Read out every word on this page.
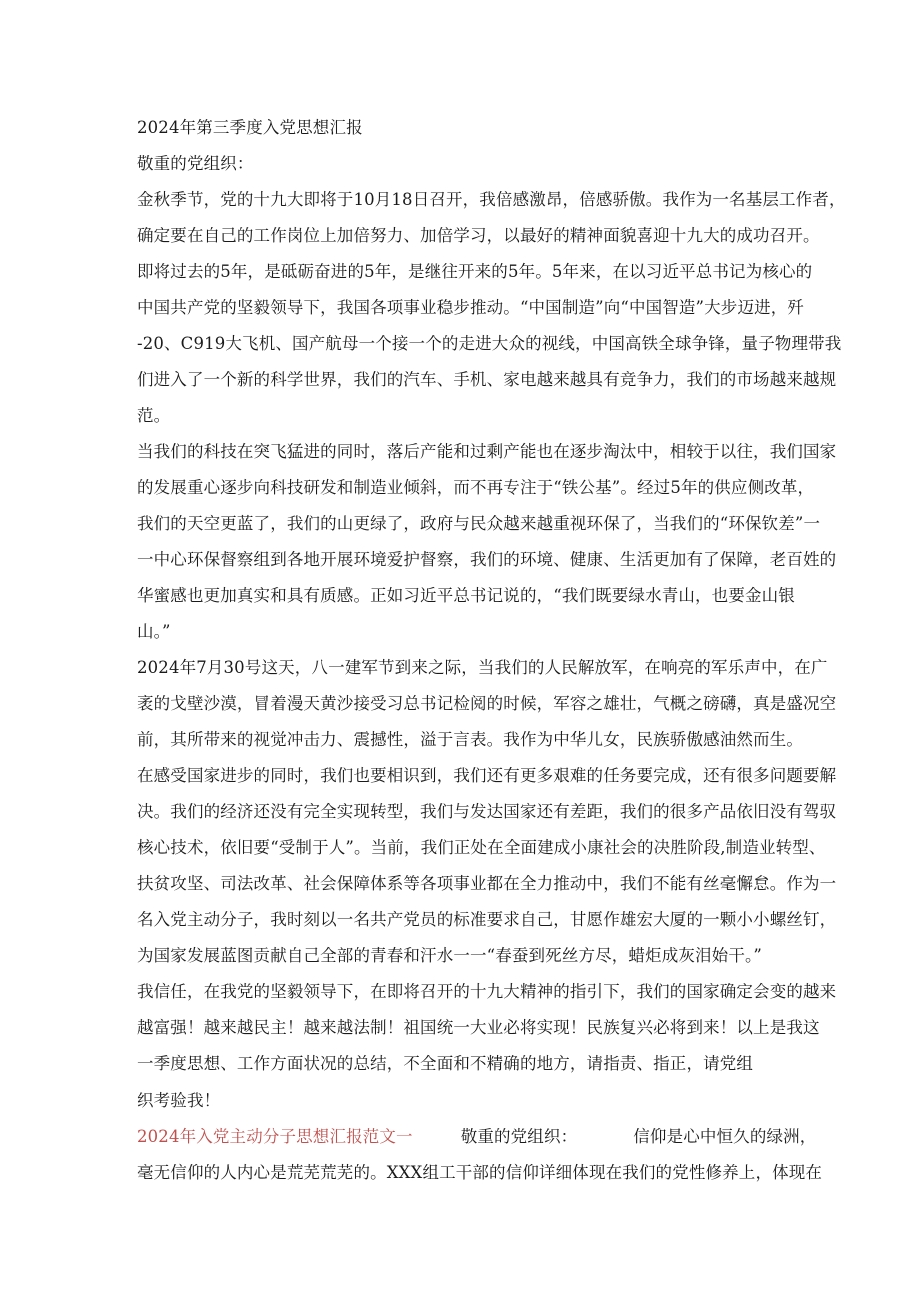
2024年第三季度入党思想汇报
敬重的党组织：
金秋季节，党的十九大即将于10月18日召开，我倍感激昂，倍感骄傲。我作为一名基层工作者，
确定要在自己的工作岗位上加倍努力、加倍学习，以最好的精神面貌喜迎十九大的成功召开。
即将过去的5年，是砥砺奋进的5年，是继往开来的5年。5年来，在以习近平总书记为核心的
中国共产党的坚毅领导下，我国各项事业稳步推动。“中国制造”向“中国智造”大步迈进，歼
-20、C919大飞机、国产航母一个接一个的走进大众的视线，中国高铁全球争锋，量子物理带我
们进入了一个新的科学世界，我们的汽车、手机、家电越来越具有竞争力，我们的市场越来越规
范。
当我们的科技在突飞猛进的同时，落后产能和过剩产能也在逐步淘汰中，相较于以往，我们国家
的发展重心逐步向科技研发和制造业倾斜，而不再专注于“铁公基”。经过5年的供应侧改革，
我们的天空更蓝了，我们的山更绿了，政府与民众越来越重视环保了，当我们的“环保钦差”一
一中心环保督察组到各地开展环境爱护督察，我们的环境、健康、生活更加有了保障，老百姓的
华蜜感也更加真实和具有质感。正如习近平总书记说的，“我们既要绿水青山，也要金山银
山。”
2024年7月30号这天，八一建军节到来之际，当我们的人民解放军，在响亮的军乐声中，在广
袤的戈壁沙漠，冒着漫天黄沙接受习总书记检阅的时候，军容之雄壮，气概之磅礴，真是盛况空
前，其所带来的视觉冲击力、震撼性，溢于言表。我作为中华儿女，民族骄傲感油然而生。
在感受国家进步的同时，我们也要相识到，我们还有更多艰难的任务要完成，还有很多问题要解
决。我们的经济还没有完全实现转型，我们与发达国家还有差距，我们的很多产品依旧没有驾驭
核心技术，依旧要“受制于人”。当前，我们正处在全面建成小康社会的决胜阶段,制造业转型、
扶贫攻坚、司法改革、社会保障体系等各项事业都在全力推动中，我们不能有丝毫懈怠。作为一
名入党主动分子，我时刻以一名共产党员的标准要求自己，甘愿作雄宏大厦的一颗小小螺丝钉，
为国家发展蓝图贡献自己全部的青春和汗水一一“春蚕到死丝方尽，蜡炬成灰泪始干。”
我信任，在我党的坚毅领导下，在即将召开的十九大精神的指引下，我们的国家确定会变的越来
越富强！越来越民主！越来越法制！祖国统一大业必将实现！民族复兴必将到来！以上是我这
一季度思想、工作方面状况的总结，不全面和不精确的地方，请指责、指正，请党组
织考验我！
2024年入党主动分子思想汇报范文一	敬重的党组织：	信仰是心中恒久的绿洲，
毫无信仰的人内心是荒芜荒芜的。XXX组工干部的信仰详细体现在我们的党性修养上，体现在
